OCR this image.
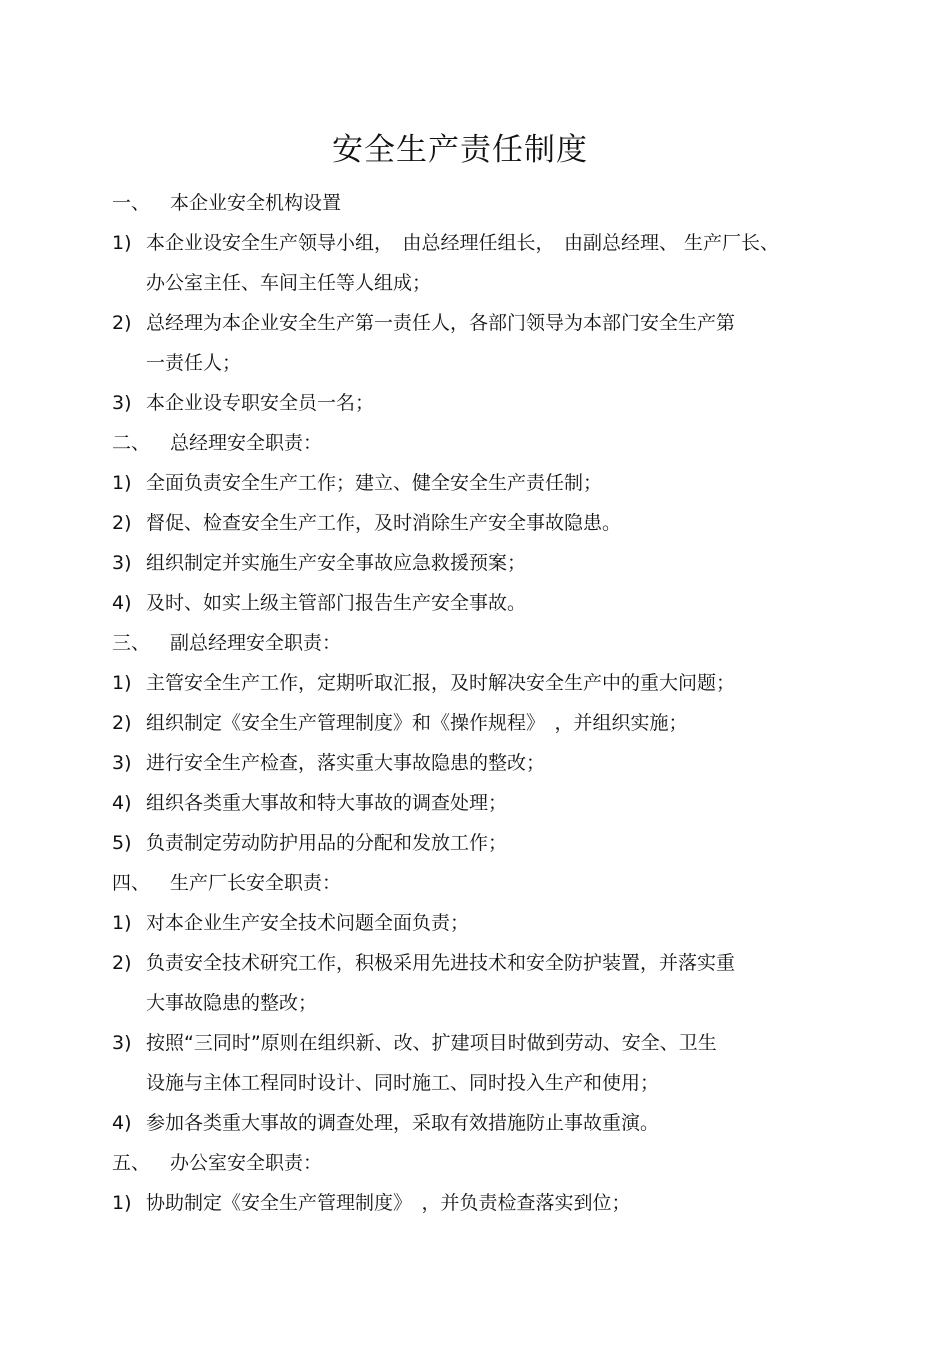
安全生产责任制度
一、 本企业安全机构设置
1) 本企业设安全生产领导小组，　由总经理任组长，　由副总经理、 生产厂长、
办公室主任、车间主任等人组成；
2) 总经理为本企业安全生产第一责任人，各部门领导为本部门安全生产第
一责任人；
3) 本企业设专职安全员一名；
二、 总经理安全职责：
1) 全面负责安全生产工作；建立、健全安全生产责任制；
2) 督促、检查安全生产工作，及时消除生产安全事故隐患。
3) 组织制定并实施生产安全事故应急救援预案；
4) 及时、如实上级主管部门报告生产安全事故。
三、 副总经理安全职责：
1) 主管安全生产工作，定期听取汇报，及时解决安全生产中的重大问题；
2) 组织制定《安全生产管理制度》和《操作规程》　，并组织实施；
3) 进行安全生产检查，落实重大事故隐患的整改；
4) 组织各类重大事故和特大事故的调查处理；
5) 负责制定劳动防护用品的分配和发放工作；
四、 生产厂长安全职责：
1) 对本企业生产安全技术问题全面负责；
2) 负责安全技术研究工作，积极采用先进技术和安全防护装置，并落实重
大事故隐患的整改；
3) 按照“三同时”原则在组织新、改、扩建项目时做到劳动、安全、卫生
设施与主体工程同时设计、同时施工、同时投入生产和使用；
4) 参加各类重大事故的调查处理，采取有效措施防止事故重演。
五、 办公室安全职责：
1) 协助制定《安全生产管理制度》　，并负责检查落实到位；
